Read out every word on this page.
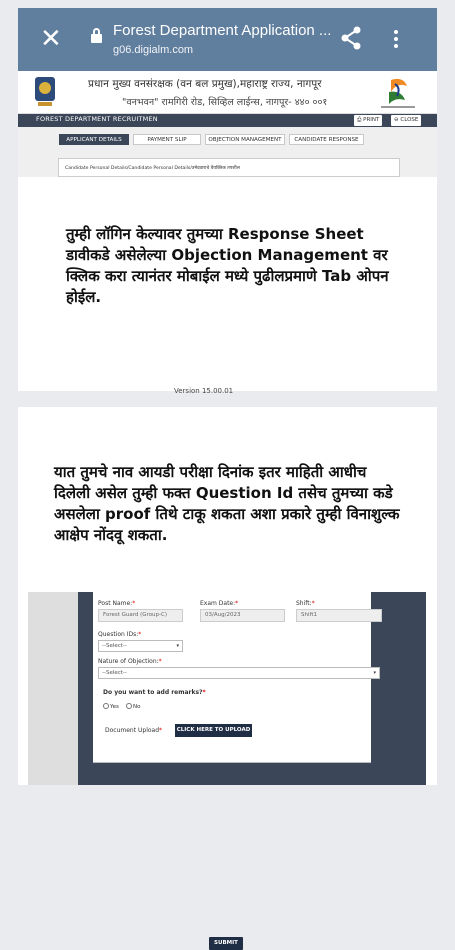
✕	Forest Department Application ...
g06.digialm.com
प्रधान मुख्य वनसंरक्षक (वन बल प्रमुख),महाराष्ट्र राज्य, नागपूर
"वनभवन" रामगिरी रोड, सिव्हिल लाईन्स, नागपूर- ४४० ००१
FOREST DEPARTMENT RECRUITMEN	⎙ PRINT	⊖ CLOSE
APPLICANT DETAILS	PAYMENT SLIP	OBJECTION MANAGEMENT	CANDIDATE RESPONSE
Candidate Personal Details/Candidate Personal Details/उमेदवाराचे वैयक्तिक तपशील
तुम्ही लॉगिन केल्यावर तुमच्या Response Sheet डावीकडे असेलेल्या Objection Management वर क्लिक करा त्यानंतर मोबाईल मध्ये पुढीलप्रमाणे Tab ओपन होईल.
यात तुमचे नाव आयडी परीक्षा दिनांक इतर माहिती आधीच दिलेली असेल तुम्ही फक्त Question Id तसेच तुमच्या कडे असलेला proof तिथे टाकू शकता अशा प्रकारे तुम्ही विनाशुल्क आक्षेप नोंदवू शकता.
Post Name:*
Forest Guard (Group-C)
Exam Date:*
03/Aug/2023
Shift:*
Shift1
Question IDs:*
--Select--	▾
Nature of Objection:*
--Select--	▾
Do you want to add remarks?*
Yes	No
Document Upload*	CLICK HERE TO UPLOAD
SUBMIT
Version 15.00.01
